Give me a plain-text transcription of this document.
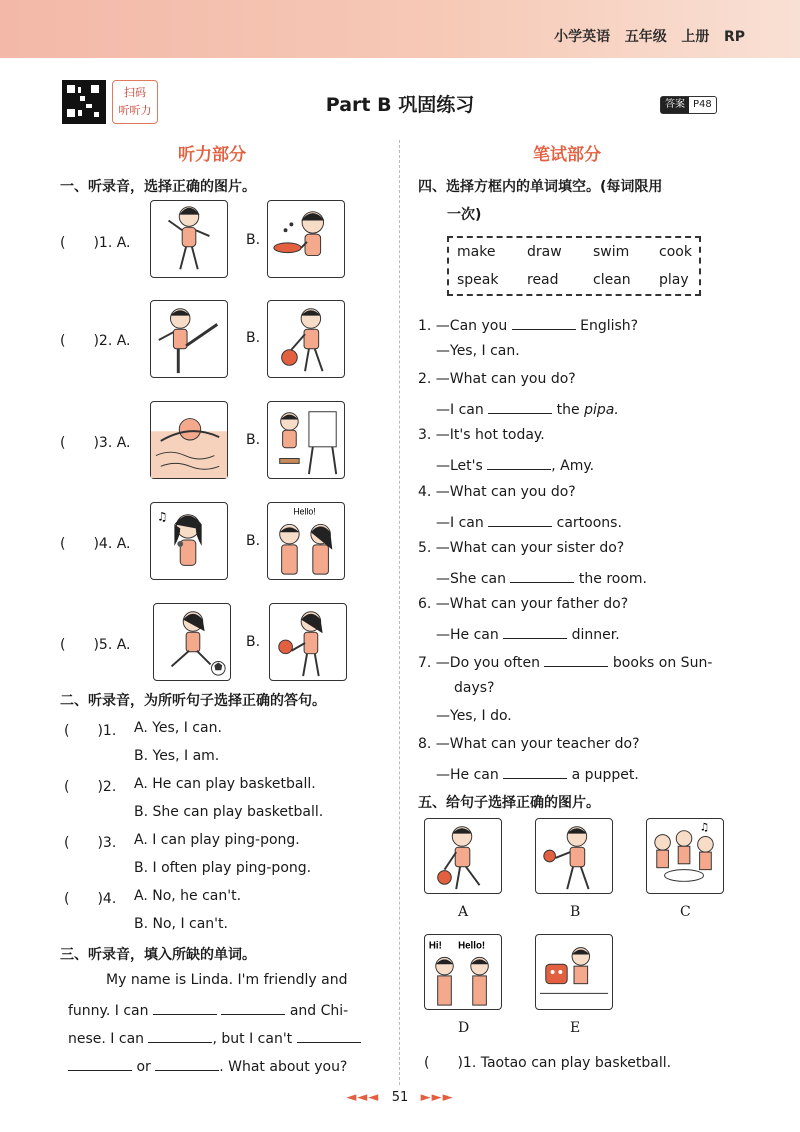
小学英语 五年级 上册 RP
扫码
听听力	Part B 巩固练习	答案 P48
听力部分
一、听录音，选择正确的图片。
(　　)1. A.	B.
(　　)2. A.	B.
(　　)3. A.	B.
(　　)4. A.
♫
B.
Hello!
(　　)5. A.	B.
二、听录音，为所听句子选择正确的答句。
(　　)1. A. Yes, I can.
B. Yes, I am.
(　　)2. A. He can play basketball.
B. She can play basketball.
(　　)3. A. I can play ping-pong.
B. I often play ping-pong.
(　　)4. A. No, he can't.
B. No, I can't.
三、听录音，填入所缺的单词。
My name is Linda. I'm friendly and
funny. I can	and Chi-
nese. I can	, but I can't
or	. What about you?
笔试部分
四、选择方框内的单词填空。(每词限用
一次)
make draw swim cook
speak read clean play
1. —Can you	English?
—Yes, I can.
2. —What can you do?
—I can	the pipa.
3. —It's hot today.
—Let's	, Amy.
4. —What can you do?
—I can	cartoons.
5. —What can your sister do?
—She can	the room.
6. —What can your father do?
—He can	dinner.
7. —Do you often	books on Sun-
days?
—Yes, I do.
8. —What can your teacher do?
—He can	a puppet.
五、给句子选择正确的图片。
♫
A	B	C
Hi! Hello!
D	E
(　　)1. Taotao can play basketball.
◄◄◄ 51 ►►►
